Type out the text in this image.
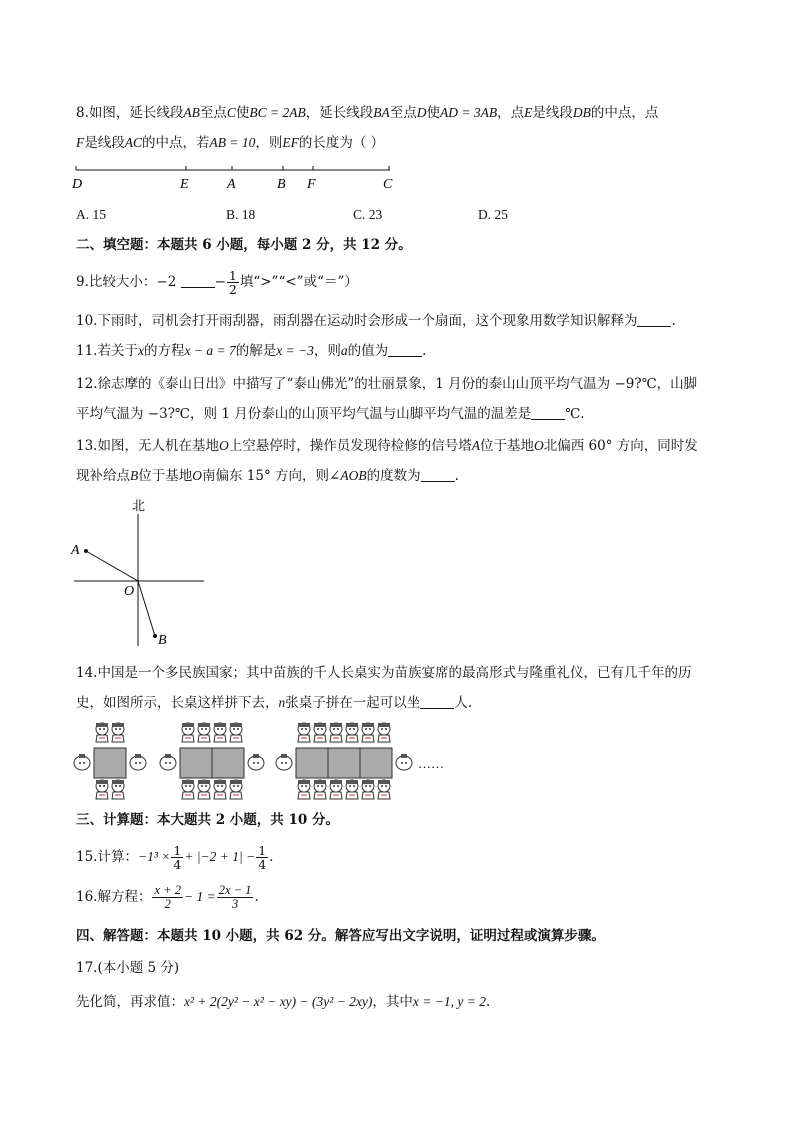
8.如图，延长线段AB至点C使BC = 2AB，延长线段BA至点D使AD = 3AB，点E是线段DB的中点，点
F是线段AC的中点，若AB = 10，则EF的长度为（ ）
D	E	A	B F	C
A. 15	B. 18	C. 23	D. 25
二、填空题：本题共 6 小题，每小题 2 分，共 12 分。
9.比较大小：−2	− $\frac{1}{2}$ 填“>”“<”或“＝”）
10.下雨时，司机会打开雨刮器，雨刮器在运动时会形成一个扇面，这个现象用数学知识解释为	.
11.若关于x的方程x − a = 7的解是x = −3，则a的值为	.
12.徐志摩的《泰山日出》中描写了“泰山佛光”的壮丽景象，1 月份的泰山山顶平均气温为 −9?℃，山脚
平均气温为 −3?℃，则 1 月份泰山的山顶平均气温与山脚平均气温的温差是	℃.
13.如图，无人机在基地O上空悬停时，操作员发现待检修的信号塔A位于基地O北偏西 60° 方向，同时发
现补给点B位于基地O南偏东 15° 方向，则∠AOB的度数为	.
北
A
O
B
14.中国是一个多民族国家；其中苗族的千人长桌实为苗族宴席的最高形式与隆重礼仪，已有几千年的历
史，如图所示，长桌这样拼下去，n张桌子拼在一起可以坐	人.
……
三、计算题：本大题共 2 小题，共 10 分。
15.计算：$-1^3 \times \frac{1}{4} + |-2 + 1| - \frac{1}{4}$ .
16.解方程： $\frac{x + 2}{2} - 1 = \frac{2x - 1}{3}$ .
四、解答题：本题共 10 小题，共 62 分。解答应写出文字说明，证明过程或演算步骤。
17.(本小题 5 分)
先化简，再求值：x² + 2(2y² − x² − xy) − (3y² − 2xy)，其中x = −1, y = 2.
